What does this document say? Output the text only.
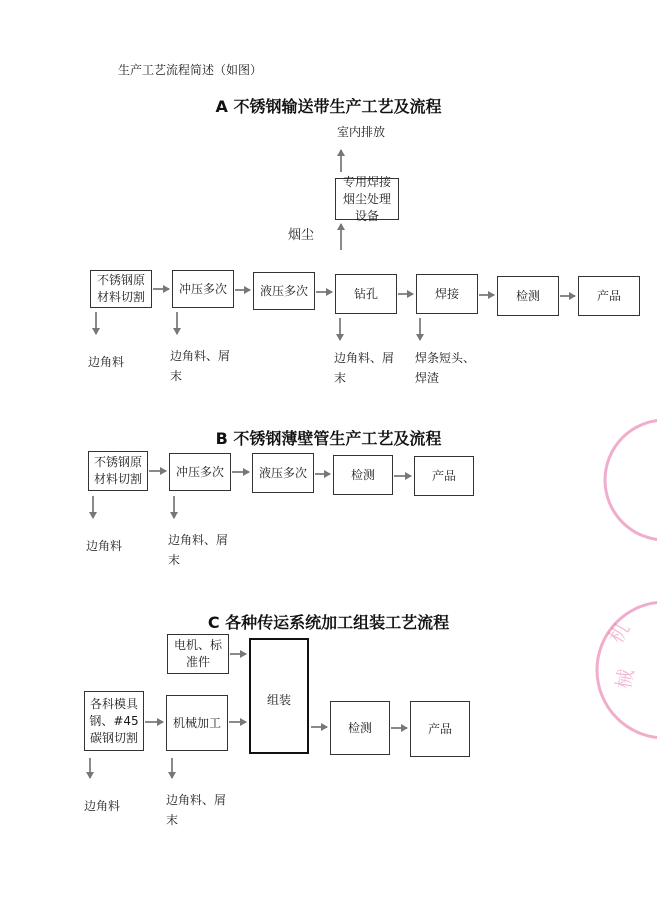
生产工艺流程简述（如图）
A 不锈钢输送带生产工艺及流程
室内排放
专用焊接烟尘处理设备
烟尘
不锈钢原材料切割
冲压多次	液压多次	钻孔	焊接	检测	产品
边角料	边角料、屑末
边角料、屑末
焊条短头、焊渣
B 不锈钢薄壁管生产工艺及流程
不锈钢原材料切割
冲压多次	液压多次	检测	产品
边角料	边角料、屑末
C 各种传运系统加工组装工艺流程
电机、标准件
各科模具钢、#45碳钢切割
机械加工
组装
检测	产品
边角料	边角料、屑末
机
械
